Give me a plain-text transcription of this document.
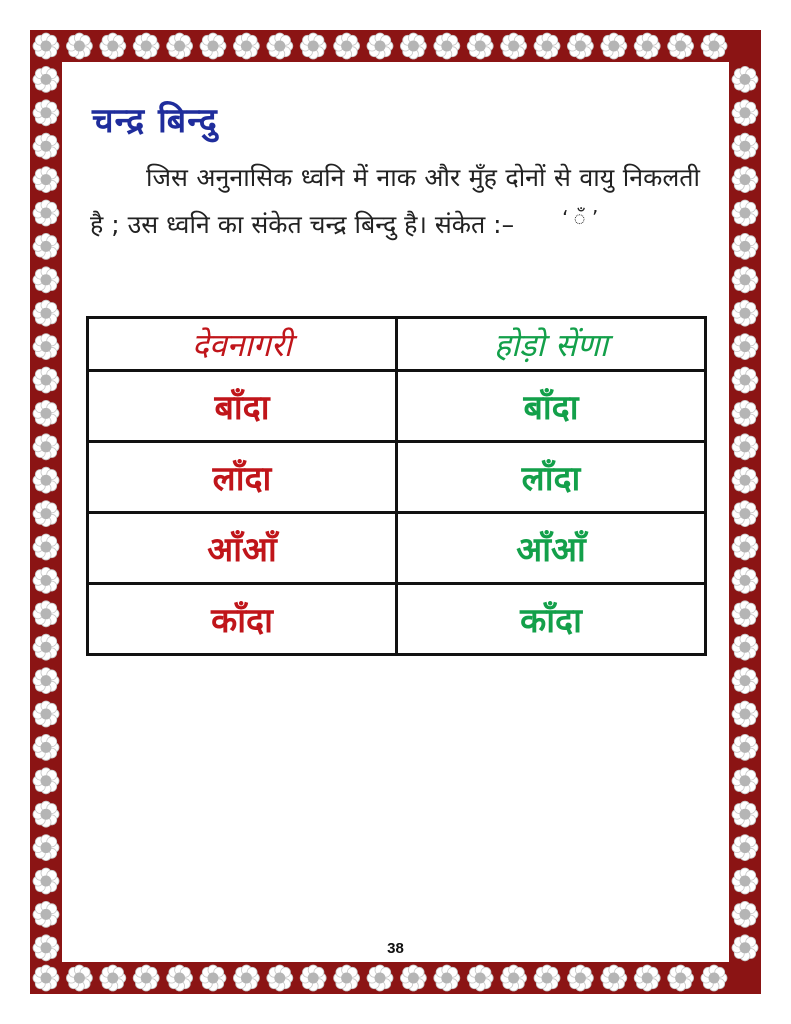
चन्द्र बिन्दु
जिस अनुनासिक ध्वनि में नाक और मुँह दोनों से वायु निकलती है ; उस ध्वनि का संकेत चन्द्र बिन्दु है। संकेत :– ‘ ँ ’
देवनागरी	होड़ो सेंणा
बाँदा	बाँदा
लाँदा	लाँदा
आँआँ	आँआँ
काँदा	काँदा
38
